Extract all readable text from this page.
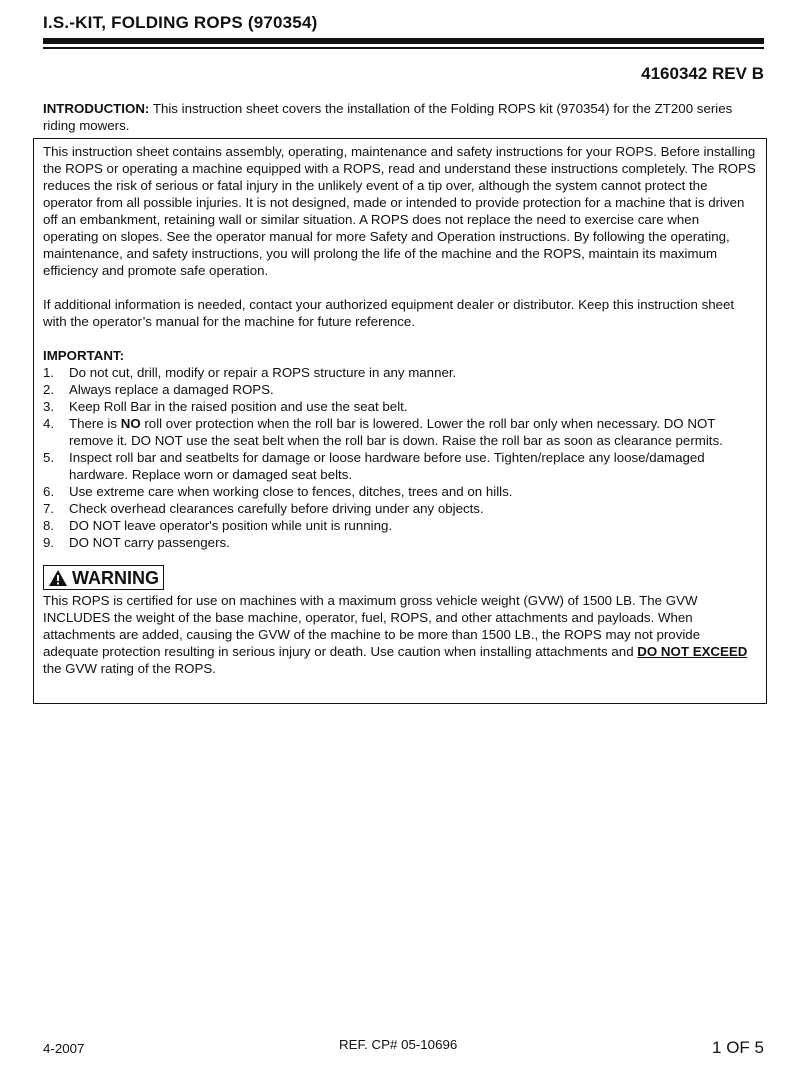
I.S.-KIT, FOLDING ROPS (970354)
4160342 REV B
INTRODUCTION: This instruction sheet covers the installation of the Folding ROPS kit (970354) for the ZT200 series riding mowers.

This instruction sheet contains assembly, operating, maintenance and safety instructions for your ROPS. Before installing the ROPS or operating a machine equipped with a ROPS, read and understand these instructions completely. The ROPS reduces the risk of serious or fatal injury in the unlikely event of a tip over, although the system cannot protect the operator from all possible injuries. It is not designed, made or intended to provide protection for a machine that is driven off an embankment, retaining wall or similar situation. A ROPS does not replace the need to exercise care when operating on slopes. See the operator manual for more Safety and Operation instructions. By following the operating, maintenance, and safety instructions, you will prolong the life of the machine and the ROPS, maintain its maximum efficiency and promote safe operation.

If additional information is needed, contact your authorized equipment dealer or distributor. Keep this instruction sheet with the operator’s manual for the machine for future reference.

IMPORTANT:

1. Do not cut, drill, modify or repair a ROPS structure in any manner.
2. Always replace a damaged ROPS.
3. Keep Roll Bar in the raised position and use the seat belt.
4. There is NO roll over protection when the roll bar is lowered. Lower the roll bar only when necessary. DO NOT remove it. DO NOT use the seat belt when the roll bar is down. Raise the roll bar as soon as clearance permits.
5. Inspect roll bar and seatbelts for damage or loose hardware before use. Tighten/replace any loose/damaged hardware. Replace worn or damaged seat belts.
6. Use extreme care when working close to fences, ditches, trees and on hills.
7. Check overhead clearances carefully before driving under any objects.
8. DO NOT leave operator's position while unit is running.
9. DO NOT carry passengers.
WARNING

This ROPS is certified for use on machines with a maximum gross vehicle weight (GVW) of 1500 LB. The GVW INCLUDES the weight of the base machine, operator, fuel, ROPS, and other attachments and payloads. When attachments are added, causing the GVW of the machine to be more than 1500 LB., the ROPS may not provide adequate protection resulting in serious injury or death. Use caution when installing attachments and DO NOT EXCEED the GVW rating of the ROPS.

4-2007	REF. CP# 05-10696	1 OF 5
